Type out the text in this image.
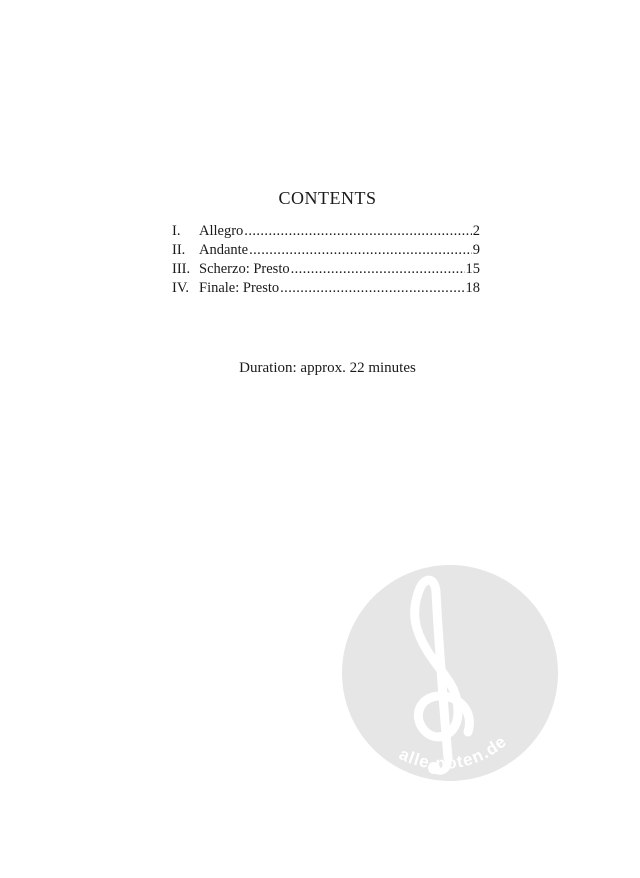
CONTENTS
I.	Allegro .....	2
II. Andante .....	9
III. Scherzo: Presto .....	15
IV. Finale: Presto .....	18
Duration: approx. 22 minutes
alle-noten.de
